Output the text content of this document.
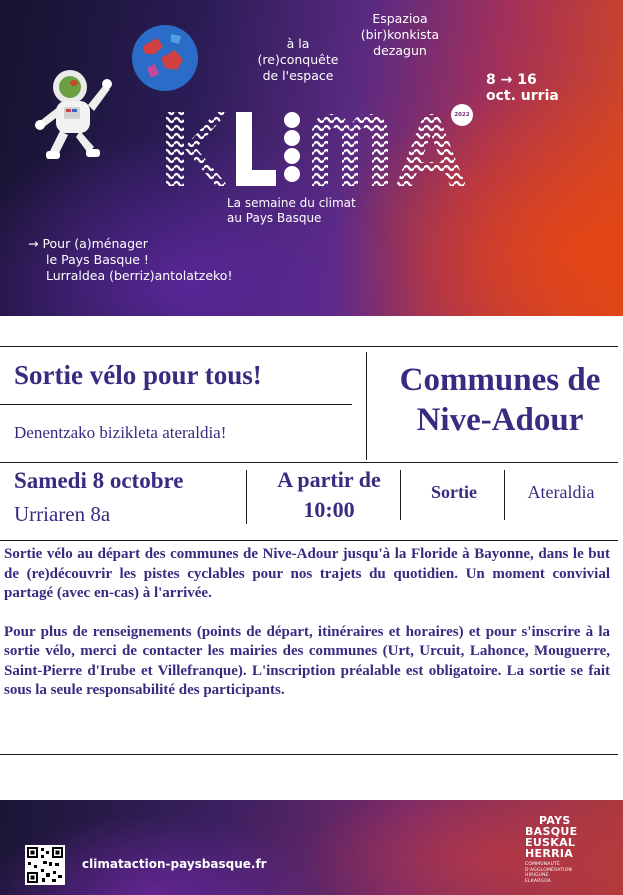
à la (re)conquête de l'espace
Espazioa (bir)konkista dezagun
8 → 16
oct. urria
2022
La semaine du climat
au Pays Basque
→ Pour (a)ménager
le Pays Basque !
Lurraldea (berriz)antolatzeko!
Sortie vélo pour tous!
Denentzako bizikleta ateraldia!
Communes de
Nive-Adour
Samedi 8 octobre
Urriaren 8a
A partir de
10:00
Sortie	Ateraldia

Sortie vélo au départ des communes de Nive-Adour jusqu'à la Floride à Bayonne, dans le but de (re)découvrir les pistes cyclables pour nos trajets du quotidien. Un moment convivial partagé (avec en-cas) à l'arrivée.

Pour plus de renseignements (points de départ, itinéraires et horaires) et pour s'inscrire à la sortie vélo, merci de contacter les mairies des communes (Urt, Urcuit, Lahonce, Mouguerre, Saint-Pierre d'Irube et Villefranque). L'inscription préalable est obligatoire. La sortie se fait sous la seule responsabilité des participants.

climataction-paysbasque.fr
PAYS
BASQUE
EUSKAL
HERRIA
COMMUNAUTÉ
D'AGGLOMÉRATION
HIRIGUNE
ELKARGOA
